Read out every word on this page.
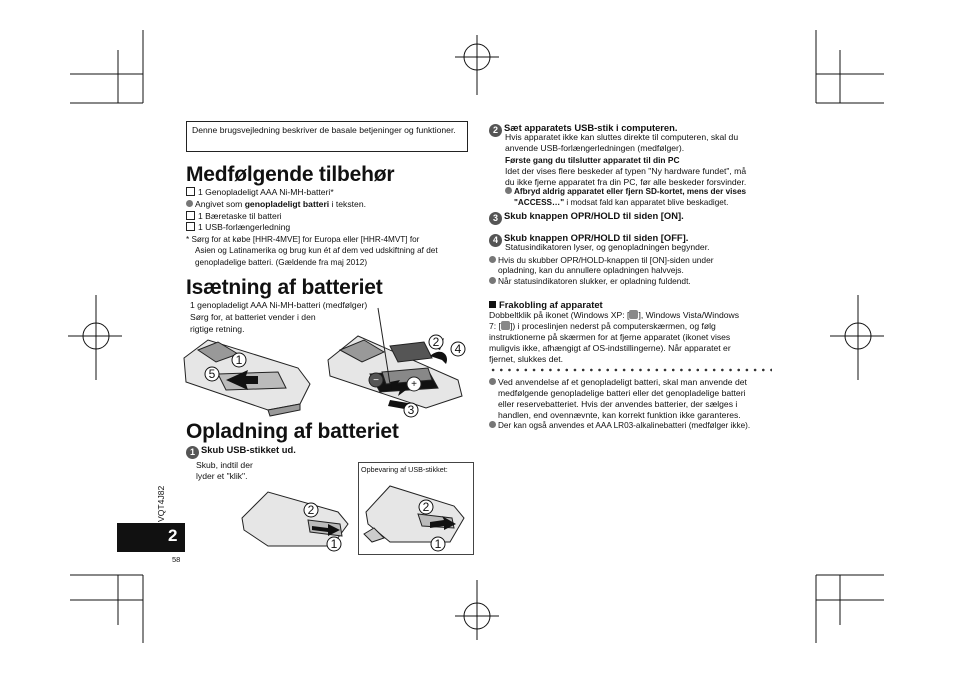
Denne brugsvejledning beskriver de basale betjeninger og funktioner.
Medfølgende tilbehør
1 Genopladeligt AAA Ni-MH-batteri*
Angivet som genopladeligt batteri i teksten.
1 Bæretaske til batteri
1 USB-forlængerledning
* Sørg for at købe [HHR-4MVE] for Europa eller [HHR-4MVT] for
Asien og Latinamerika og brug kun ét af dem ved udskiftning af det
genopladelige batteri. (Gældende fra maj 2012)
Isætning af batteriet
1 genopladeligt AAA Ni-MH-batteri (medfølger)
Sørg for, at batteriet vender i den
rigtige retning.
−	+
1
5
2 4
3
Opladning af batteriet
1 Skub USB-stikket ud.
Skub, indtil der
lyder et "klik".
Opbevaring af USB-stikket:
2
1
2
1
VQT4J82
2
58
2 Sæt apparatets USB-stik i computeren.
Hvis apparatet ikke kan sluttes direkte til computeren, skal du
anvende USB-forlængerledningen (medfølger).
Første gang du tilslutter apparatet til din PC
Idet der vises flere beskeder af typen "Ny hardware fundet", må
du ikke fjerne apparatet fra din PC, før alle beskeder forsvinder.
Afbryd aldrig apparatet eller fjern SD-kortet, mens der vises
"ACCESS…" i modsat fald kan apparatet blive beskadiget.
3 Skub knappen OPR/HOLD til siden [ON].
4 Skub knappen OPR/HOLD til siden [OFF].
Statusindikatoren lyser, og genopladningen begynder.
Hvis du skubber OPR/HOLD-knappen til [ON]-siden under
opladning, kan du annullere opladningen halvvejs.
Når statusindikatoren slukker, er opladning fuldendt.
Frakobling af apparatet
Dobbeltklik på ikonet (Windows XP: [ ], Windows Vista/Windows
7: [ ]) i proceslinjen nederst på computerskærmen, og følg
instruktionerne på skærmen for at fjerne apparatet (ikonet vises
muligvis ikke, afhængigt af OS-indstillingerne). Når apparatet er
fjernet, slukkes det.
Ved anvendelse af et genopladeligt batteri, skal man anvende det
medfølgende genopladelige batteri eller det genopladelige batteri
eller reservebatteriet. Hvis der anvendes batterier, der sælges i
handlen, end ovennævnte, kan korrekt funktion ikke garanteres.
Der kan også anvendes et AAA LR03-alkalinebatteri (medfølger ikke).
